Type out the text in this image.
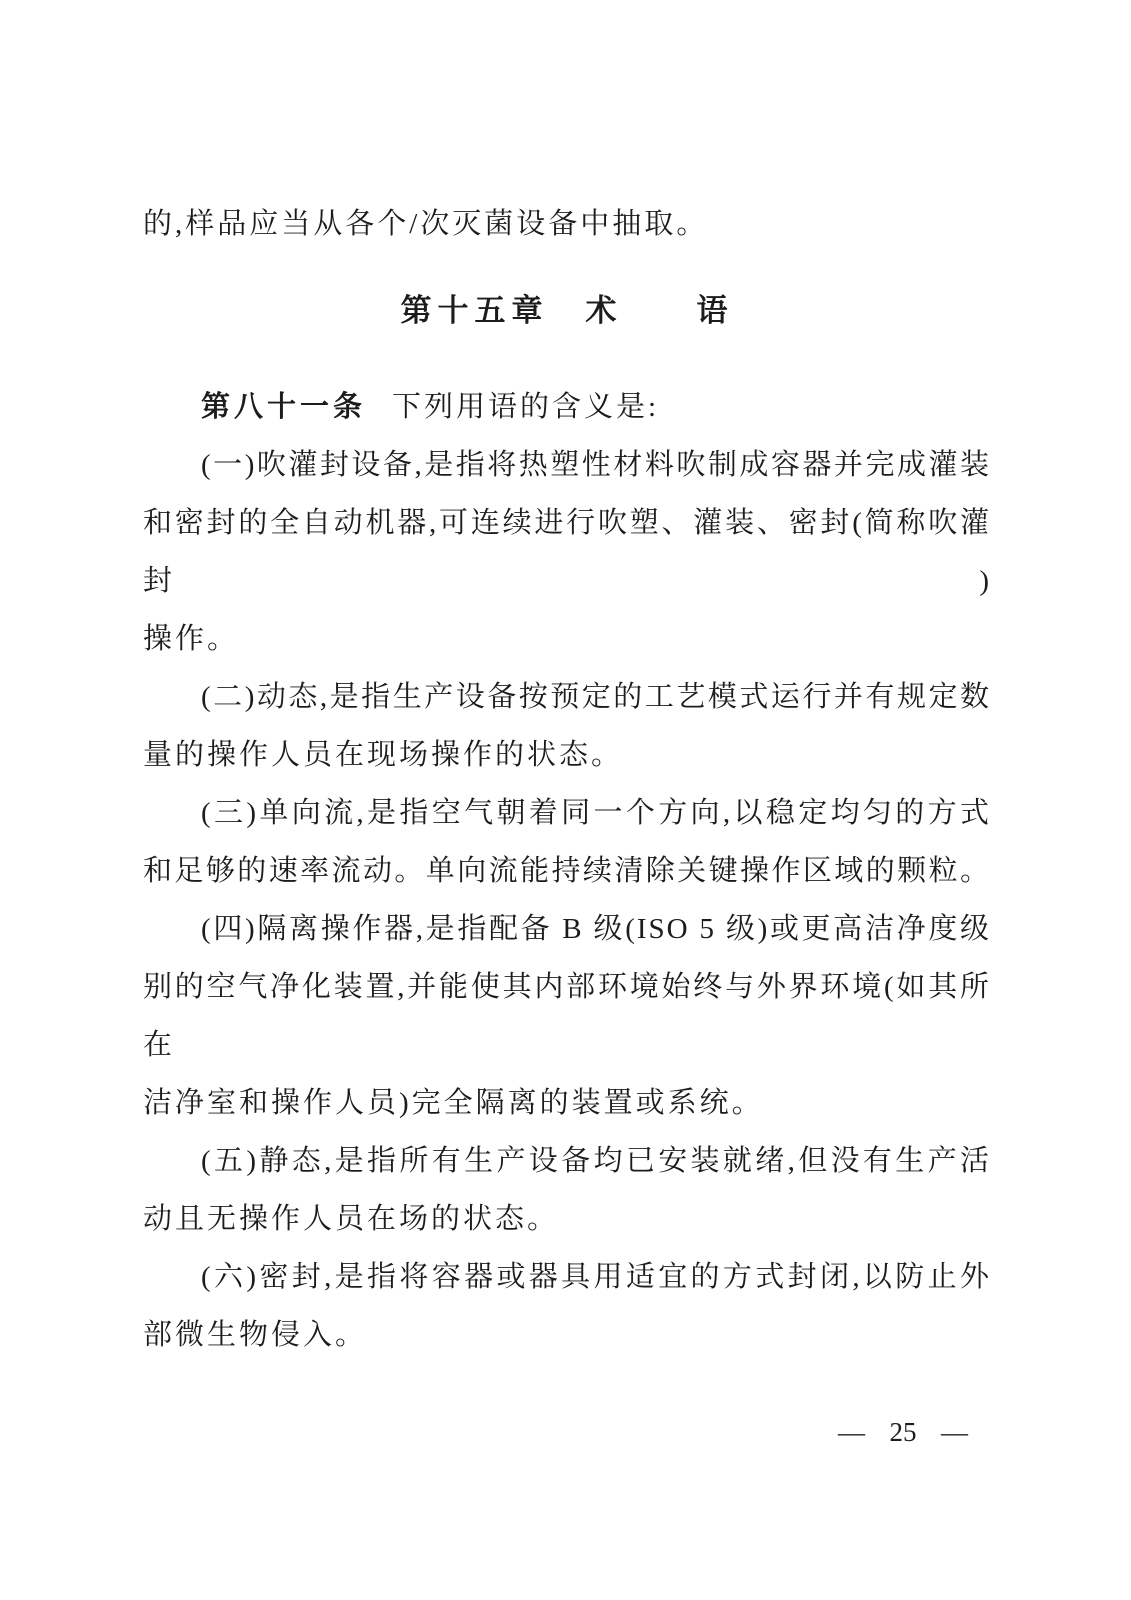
的,样品应当从各个/次灭菌设备中抽取。
第十五章　术　　语
第八十一条 下列用语的含义是:
(一)吹灌封设备,是指将热塑性材料吹制成容器并完成灌装
和密封的全自动机器,可连续进行吹塑、灌装、密封(简称吹灌封)
操作。
(二)动态,是指生产设备按预定的工艺模式运行并有规定数
量的操作人员在现场操作的状态。
(三)单向流,是指空气朝着同一个方向,以稳定均匀的方式
和足够的速率流动。单向流能持续清除关键操作区域的颗粒。
(四)隔离操作器,是指配备 B 级(ISO 5 级)或更高洁净度级
别的空气净化装置,并能使其内部环境始终与外界环境(如其所在
洁净室和操作人员)完全隔离的装置或系统。
(五)静态,是指所有生产设备均已安装就绪,但没有生产活
动且无操作人员在场的状态。
(六)密封,是指将容器或器具用适宜的方式封闭,以防止外
部微生物侵入。
— 25 —
